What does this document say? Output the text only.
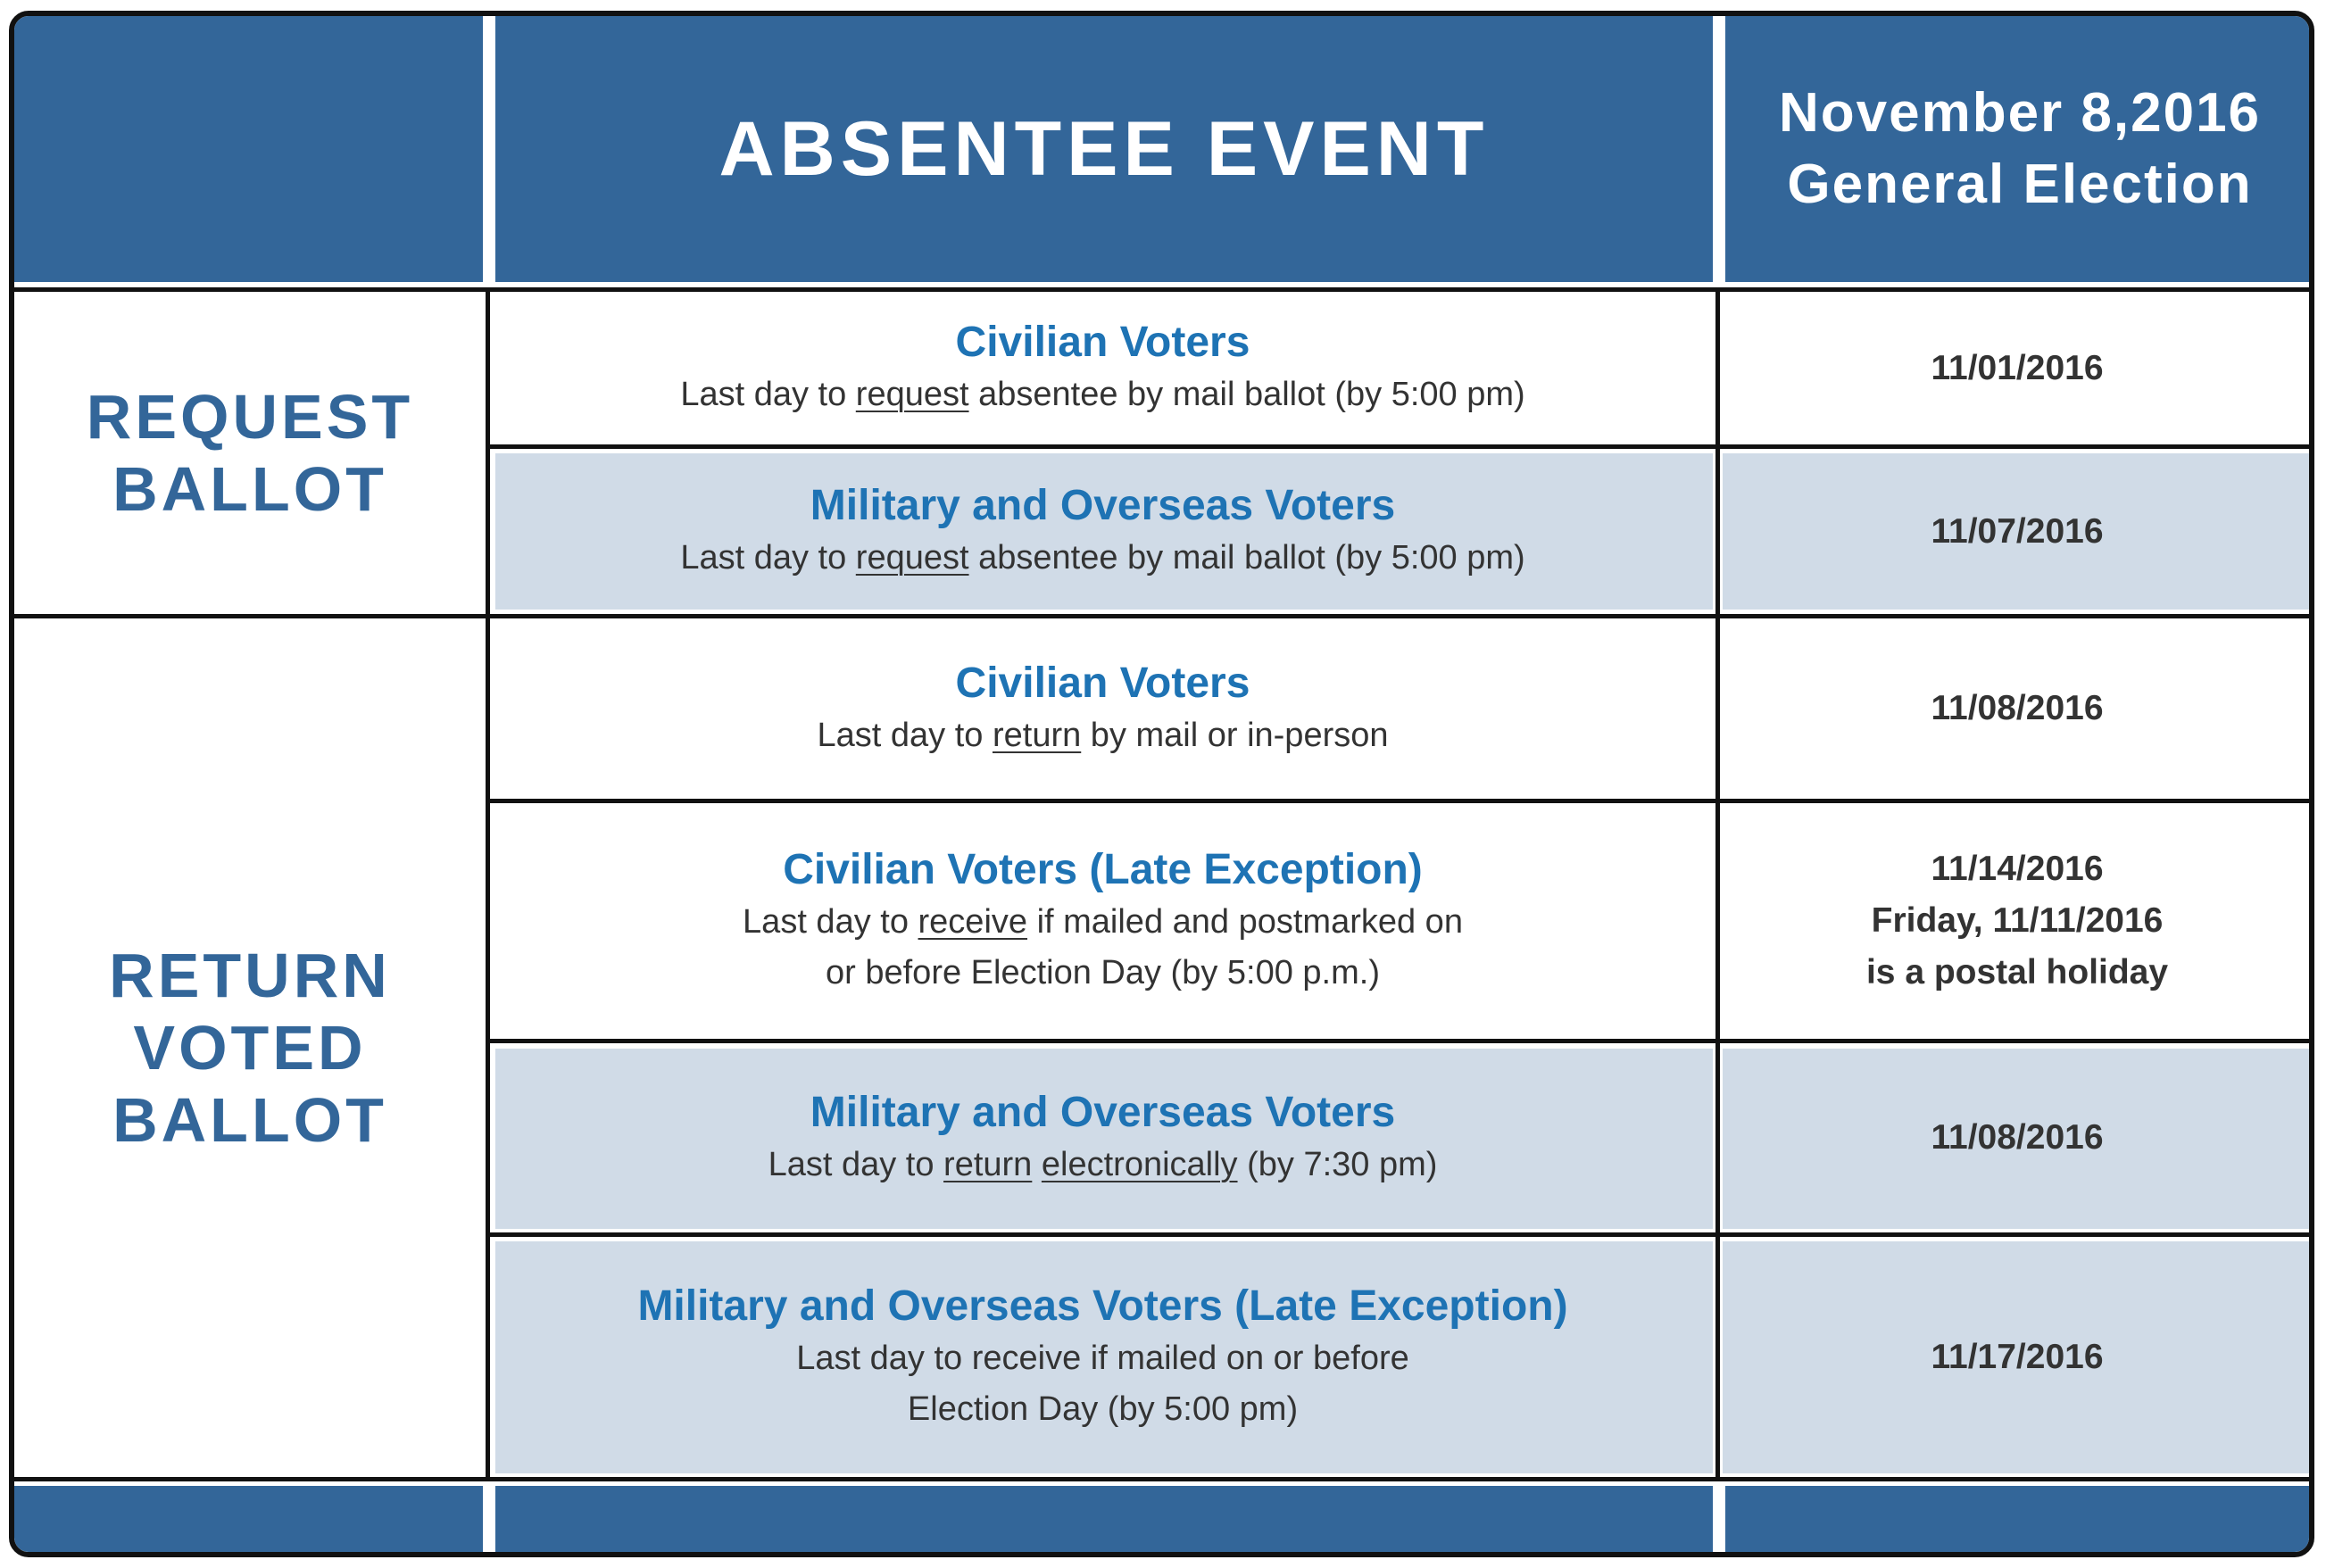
ABSENTEE EVENT	November 8,2016
General Election
REQUEST
BALLOT
RETURN
VOTED
BALLOT
Civilian Voters
Last day to request absentee by mail ballot (by 5:00 pm)
11/01/2016
Military and Overseas Voters
Last day to request absentee by mail ballot (by 5:00 pm)
11/07/2016
Civilian Voters
Last day to return by mail or in-person
11/08/2016
Civilian Voters (Late Exception)
Last day to receive if mailed and postmarked on
or before Election Day (by 5:00 p.m.)
11/14/2016
Friday, 11/11/2016
is a postal holiday
Military and Overseas Voters
Last day to return electronically (by 7:30 pm)
11/08/2016
Military and Overseas Voters (Late Exception)
Last day to receive if mailed on or before
Election Day (by 5:00 pm)
11/17/2016
